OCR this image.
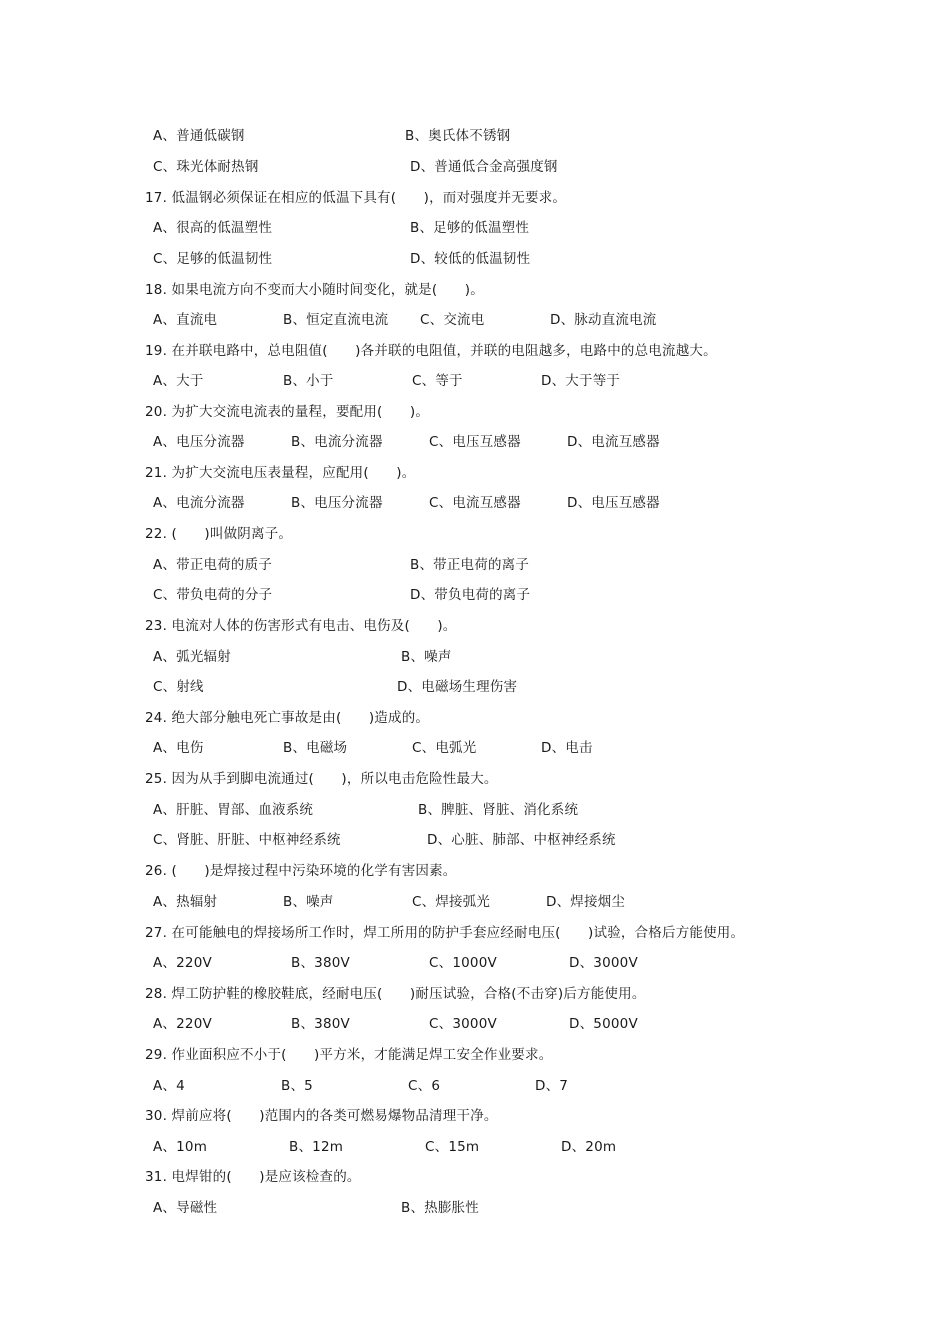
A、普通低碳钢	B、奥氏体不锈钢
C、珠光体耐热钢	D、普通低合金高强度钢
17. 低温钢必须保证在相应的低温下具有(　　)，而对强度并无要求。
A、很高的低温塑性	B、足够的低温塑性
C、足够的低温韧性	D、较低的低温韧性
18. 如果电流方向不变而大小随时间变化，就是(　　)。
A、直流电	B、恒定直流电流 C、交流电	D、脉动直流电流
19. 在并联电路中，总电阻值(　　)各并联的电阻值，并联的电阻越多，电路中的总电流越大。
A、大于	B、小于	C、等于	D、大于等于
20. 为扩大交流电流表的量程，要配用(　　)。
A、电压分流器	B、电流分流器	C、电压互感器	D、电流互感器
21. 为扩大交流电压表量程，应配用(　　)。
A、电流分流器	B、电压分流器	C、电流互感器	D、电压互感器
22. (　　)叫做阴离子。
A、带正电荷的质子	B、带正电荷的离子
C、带负电荷的分子	D、带负电荷的离子
23. 电流对人体的伤害形式有电击、电伤及(　　)。
A、弧光辐射	B、噪声
C、射线	D、电磁场生理伤害
24. 绝大部分触电死亡事故是由(　　)造成的。
A、电伤	B、电磁场	C、电弧光	D、电击
25. 因为从手到脚电流通过(　　)，所以电击危险性最大。
A、肝脏、胃部、血液系统	B、脾脏、肾脏、消化系统
C、肾脏、肝脏、中枢神经系统	D、心脏、肺部、中枢神经系统
26. (　　)是焊接过程中污染环境的化学有害因素。
A、热辐射	B、噪声	C、焊接弧光	D、焊接烟尘
27. 在可能触电的焊接场所工作时，焊工所用的防护手套应经耐电压(　　)试验，合格后方能使用。
A、220V	B、380V	C、1000V	D、3000V
28. 焊工防护鞋的橡胶鞋底，经耐电压(　　)耐压试验，合格(不击穿)后方能使用。
A、220V	B、380V	C、3000V	D、5000V
29. 作业面积应不小于(　　)平方米，才能满足焊工安全作业要求。
A、4	B、5	C、6	D、7
30. 焊前应将(　　)范围内的各类可燃易爆物品清理干净。
A、10m	B、12m	C、15m	D、20m
31. 电焊钳的(　　)是应该检查的。
A、导磁性	B、热膨胀性
